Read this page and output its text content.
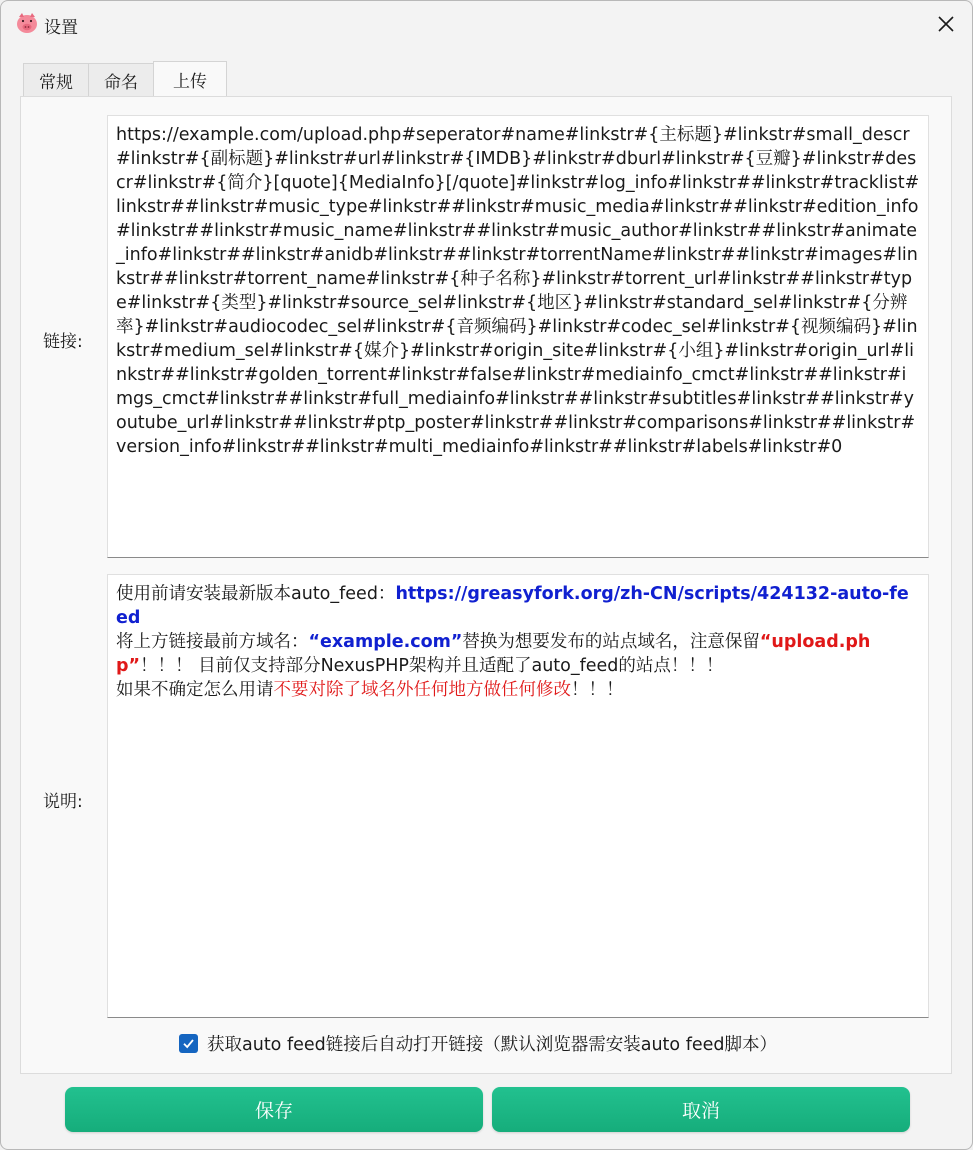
设置
常规	命名	上传
链接:
https://example.com/upload.php#seperator#name#linkstr#{主标题}#linkstr#small_descr#linkstr#{副标题}#linkstr#url#linkstr#{IMDB}#linkstr#dburl#linkstr#{豆瓣}#linkstr#descr#linkstr#{简介}[quote]{MediaInfo}[/quote]#linkstr#log_info#linkstr##linkstr#tracklist#linkstr##linkstr#music_type#linkstr##linkstr#music_media#linkstr##linkstr#edition_info#linkstr##linkstr#music_name#linkstr##linkstr#music_author#linkstr##linkstr#animate_info#linkstr##linkstr#anidb#linkstr##linkstr#torrentName#linkstr##linkstr#images#linkstr##linkstr#torrent_name#linkstr#{种子名称}#linkstr#torrent_url#linkstr##linkstr#type#linkstr#{类型}#linkstr#source_sel#linkstr#{地区}#linkstr#standard_sel#linkstr#{分辨率}#linkstr#audiocodec_sel#linkstr#{音频编码}#linkstr#codec_sel#linkstr#{视频编码}#linkstr#medium_sel#linkstr#{媒介}#linkstr#origin_site#linkstr#{小组}#linkstr#origin_url#linkstr##linkstr#golden_torrent#linkstr#false#linkstr#mediainfo_cmct#linkstr##linkstr#imgs_cmct#linkstr##linkstr#full_mediainfo#linkstr##linkstr#subtitles#linkstr##linkstr#youtube_url#linkstr##linkstr#ptp_poster#linkstr##linkstr#comparisons#linkstr##linkstr#version_info#linkstr##linkstr#multi_mediainfo#linkstr##linkstr#labels#linkstr#0
说明:
使用前请安装最新版本auto_feed：https://greasyfork.org/zh-CN/scripts/424132-auto-feed
将上方链接最前方域名：“example.com”替换为想要发布的站点域名，注意保留“upload.php”！！！ 目前仅支持部分NexusPHP架构并且适配了auto_feed的站点！！！
如果不确定怎么用请不要对除了域名外任何地方做任何修改！！！
获取auto feed链接后自动打开链接（默认浏览器需安装auto feed脚本）
保存	取消
